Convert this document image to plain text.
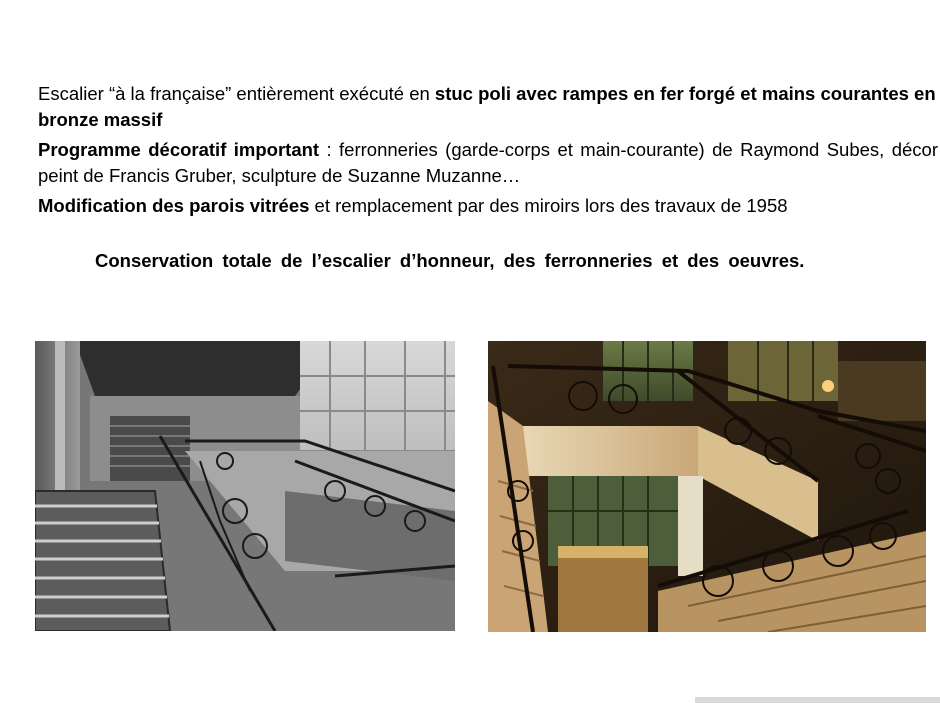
Escalier “à la française” entièrement exécuté en stuc poli avec rampes en fer forgé et mains courantes en bronze massif

Programme décoratif important : ferronneries (garde-corps et main-courante) de Raymond Subes, décor peint de Francis Gruber, sculpture de Suzanne Muzanne…

Modification des parois vitrées et remplacement par des miroirs lors des travaux de 1958

Conservation totale de l’escalier d’honneur, des ferronneries et des oeuvres.
